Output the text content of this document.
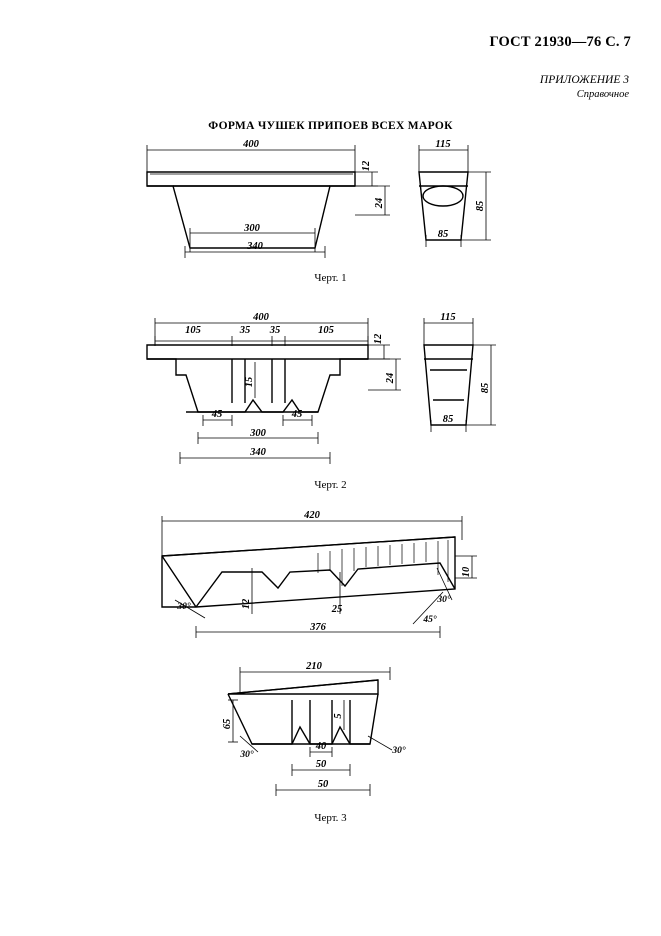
ГОСТ 21930—76 С. 7
ПРИЛОЖЕНИЕ 3
Справочное
ФОРМА ЧУШЕК ПРИПОЕВ ВСЕХ МАРОК
400
300
340
12
24
115
85
85
400
105	35 35	105
12
24
15
45	45
300
340
115
85
85
420
376
10
12	25
30°
30°
45°
210
65
5
40
50
50
30°	30°
Черт. 1
Черт. 2
Черт. 3
